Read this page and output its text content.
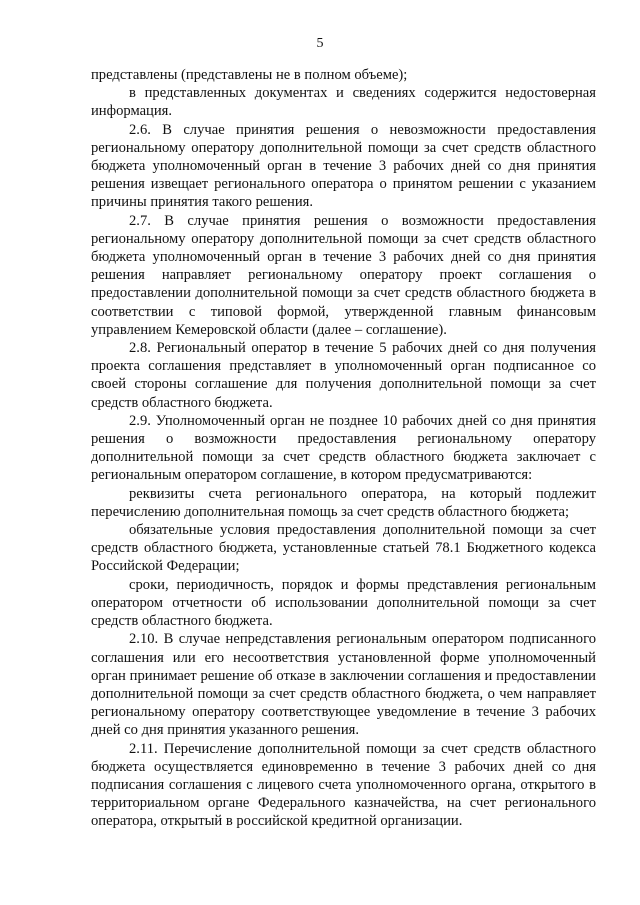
5

представлены (представлены не в полном объеме);

в представленных документах и сведениях содержится недостоверная информация.

2.6. В случае принятия решения о невозможности предоставления региональному оператору дополнительной помощи за счет средств областного бюджета уполномоченный орган в течение 3 рабочих дней со дня принятия решения извещает регионального оператора о принятом решении с указанием причины принятия такого решения.

2.7. В случае принятия решения о возможности предоставления региональному оператору дополнительной помощи за счет средств областного бюджета уполномоченный орган в течение 3 рабочих дней со дня принятия решения направляет региональному оператору проект соглашения о предоставлении дополнительной помощи за счет средств областного бюджета в соответствии с типовой формой, утвержденной главным финансовым управлением Кемеровской области (далее – соглашение).

2.8. Региональный оператор в течение 5 рабочих дней со дня получения проекта соглашения представляет в уполномоченный орган подписанное со своей стороны соглашение для получения дополнительной помощи за счет средств областного бюджета.

2.9. Уполномоченный орган не позднее 10 рабочих дней со дня принятия решения о возможности предоставления региональному оператору дополнительной помощи за счет средств областного бюджета заключает с региональным оператором соглашение, в котором предусматриваются:

реквизиты счета регионального оператора, на который подлежит перечислению дополнительная помощь за счет средств областного бюджета;

обязательные условия предоставления дополнительной помощи за счет средств областного бюджета, установленные статьей 78.1 Бюджетного кодекса Российской Федерации;

сроки, периодичность, порядок и формы представления региональным оператором отчетности об использовании дополнительной помощи за счет средств областного бюджета.

2.10. В случае непредставления региональным оператором подписанного соглашения или его несоответствия установленной форме уполномоченный орган принимает решение об отказе в заключении соглашения и предоставлении дополнительной помощи за счет средств областного бюджета, о чем направляет региональному оператору соответствующее уведомление в течение 3 рабочих дней со дня принятия указанного решения.

2.11. Перечисление дополнительной помощи за счет средств областного бюджета осуществляется единовременно в течение 3 рабочих дней со дня подписания соглашения с лицевого счета уполномоченного органа, открытого в территориальном органе Федерального казначейства, на счет регионального оператора, открытый в российской кредитной организации.
